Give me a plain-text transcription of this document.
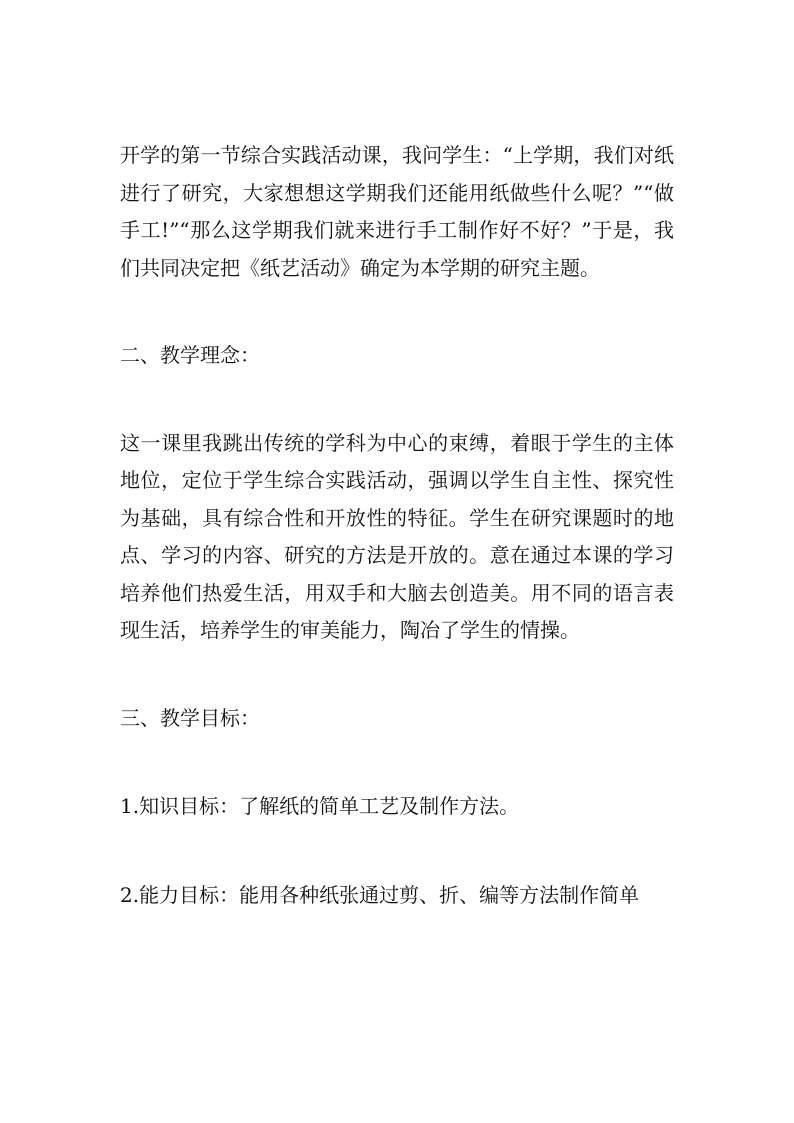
开学的第一节综合实践活动课，我问学生：“上学期，我们对纸进行了研究，大家想想这学期我们还能用纸做些什么呢？”“做手工!”“那么这学期我们就来进行手工制作好不好？”于是，我们共同决定把《纸艺活动》确定为本学期的研究主题。

二、教学理念：

这一课里我跳出传统的学科为中心的束缚，着眼于学生的主体地位，定位于学生综合实践活动，强调以学生自主性、探究性为基础，具有综合性和开放性的特征。学生在研究课题时的地点、学习的内容、研究的方法是开放的。意在通过本课的学习培养他们热爱生活，用双手和大脑去创造美。用不同的语言表现生活，培养学生的审美能力，陶冶了学生的情操。

三、教学目标：

1.知识目标：了解纸的简单工艺及制作方法。

2.能力目标：能用各种纸张通过剪、折、编等方法制作简单
